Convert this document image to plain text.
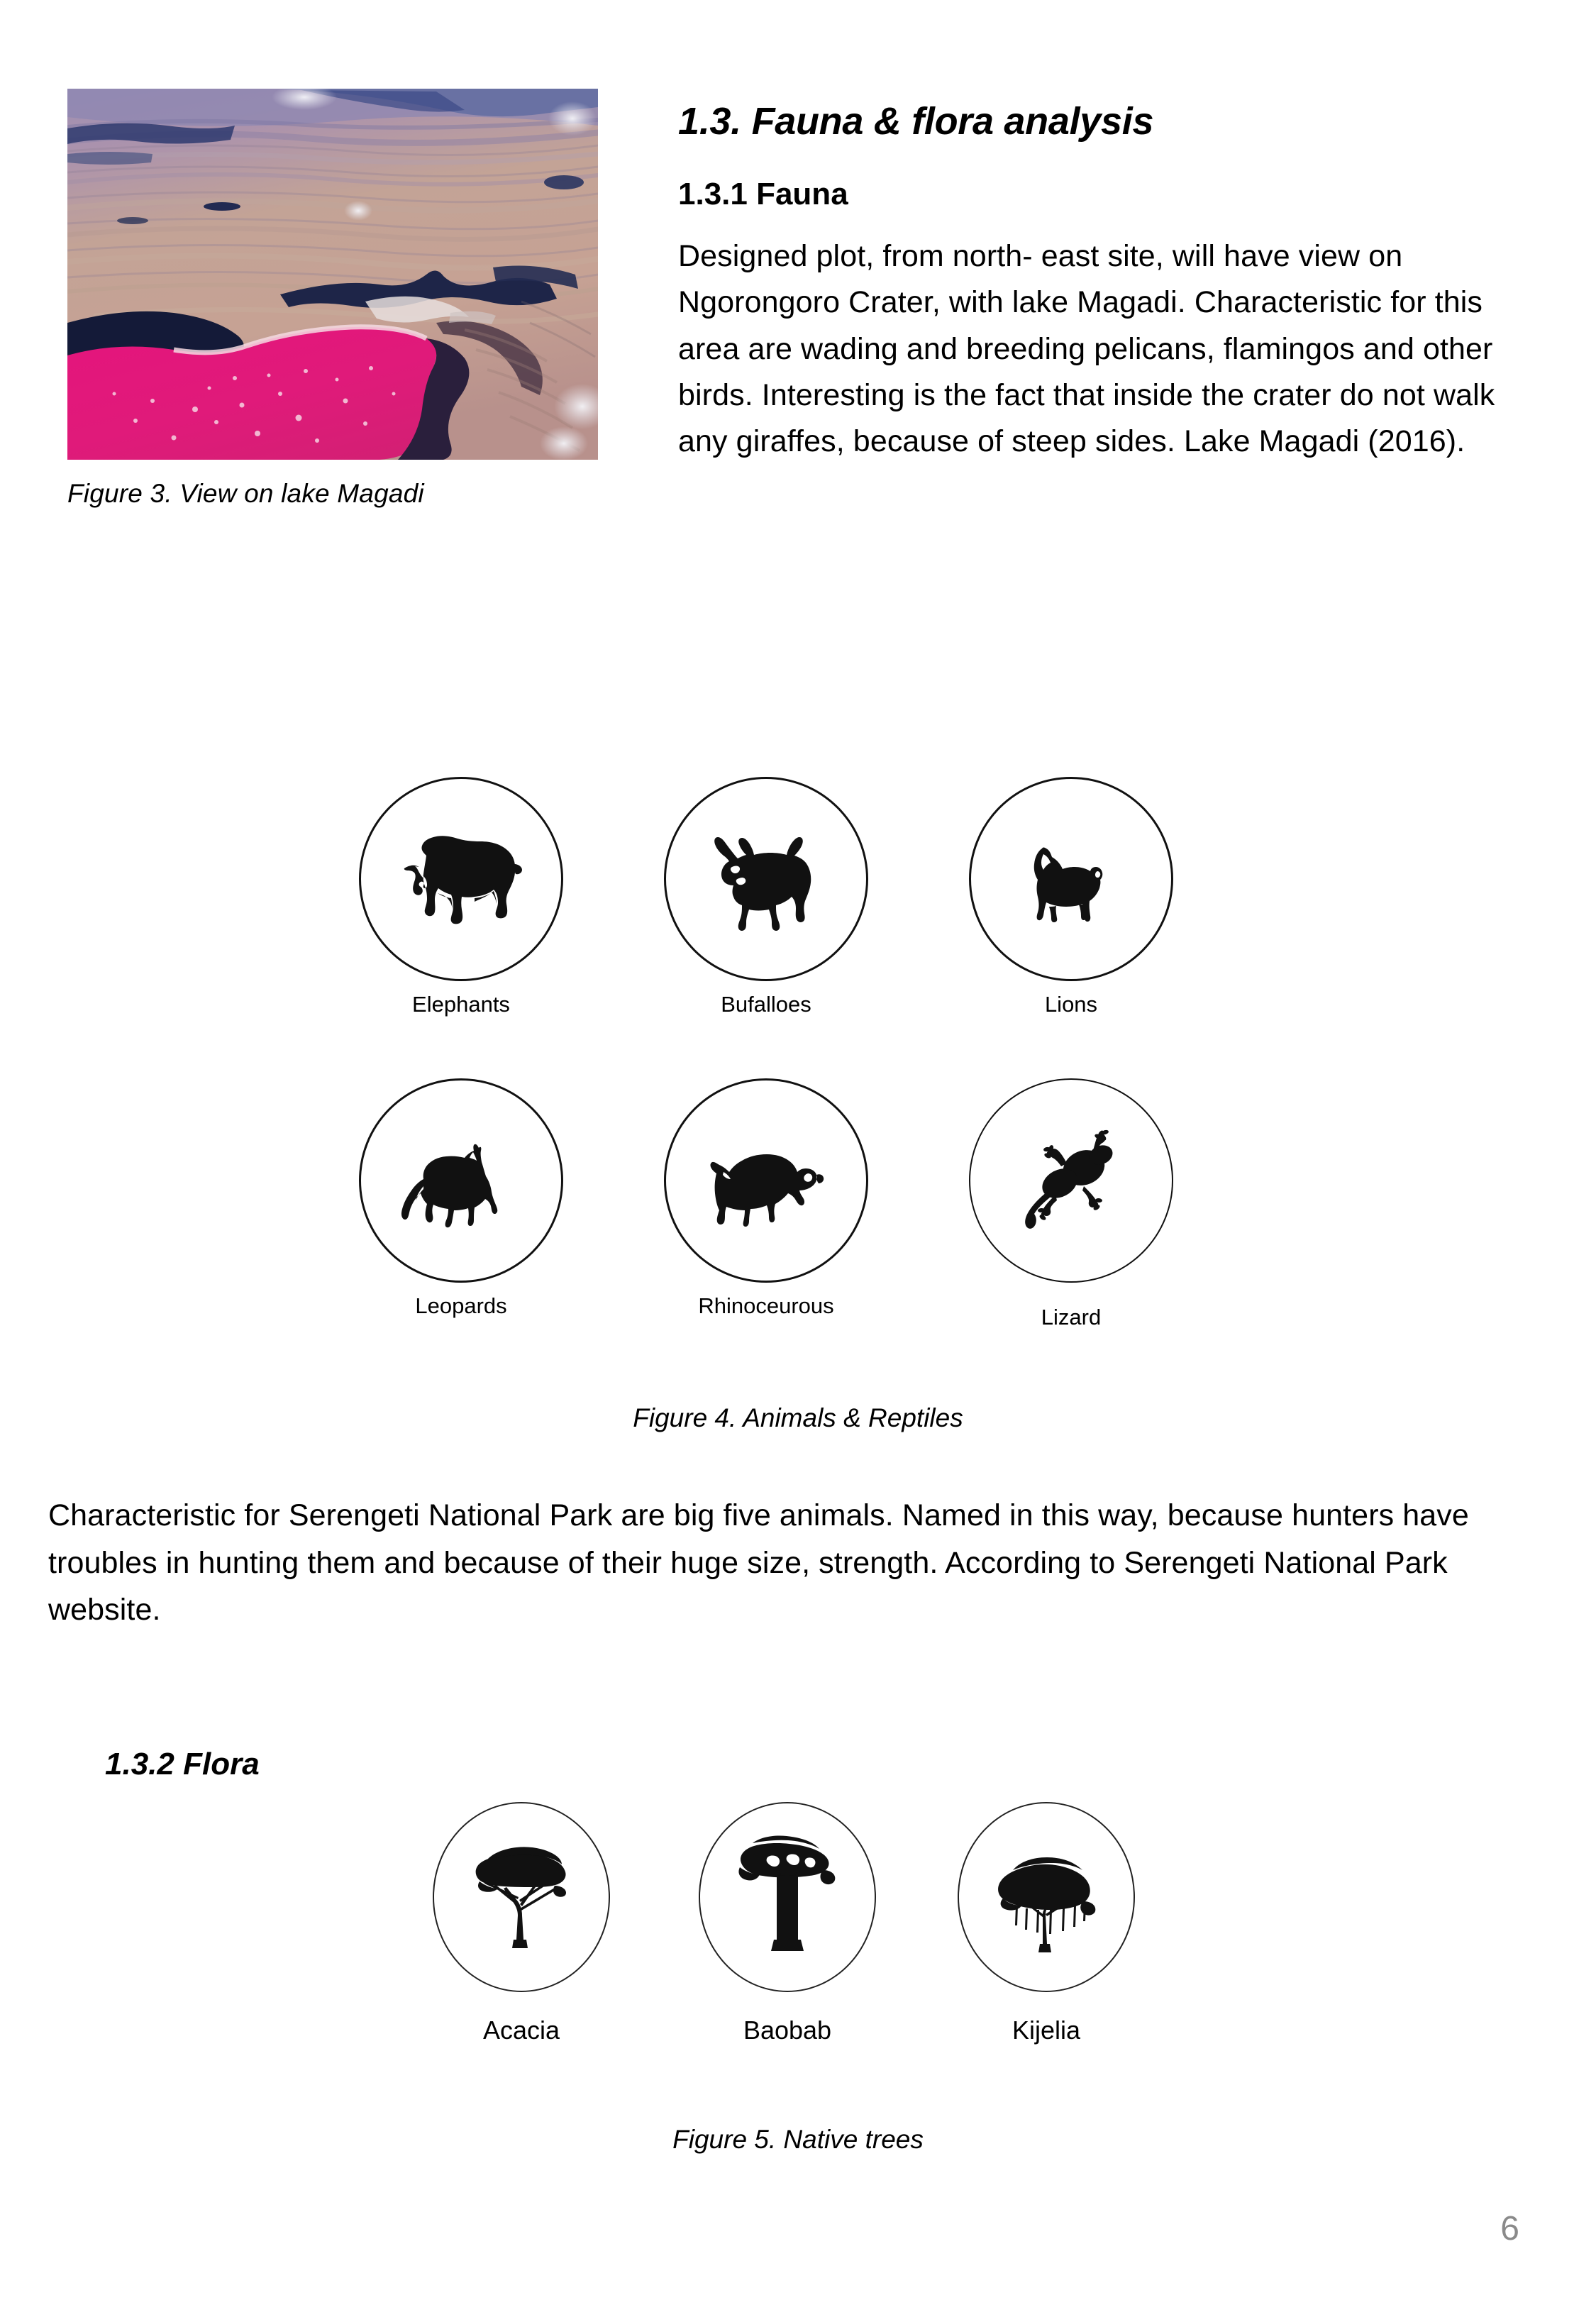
Figure 3. View on lake Magadi
1.3. Fauna & flora analysis
1.3.1 Fauna

Designed plot, from north- east site, will have view on Ngorongoro Crater, with lake Magadi. Characteristic for this area are wading and breeding pelicans, flamingos and other birds. Interesting is the fact that inside the crater do not walk any giraffes, because of steep sides. Lake Magadi (2016).

Elephants	Bufalloes	Lions
Leopards	Rhinoceurous	Lizard
Figure 4. Animals & Reptiles

Characteristic for Serengeti National Park are big five animals. Named in this way, because hunters have troubles in hunting them and because of their huge size, strength. According to Serengeti National Park website.

1.3.2 Flora
Acacia	Baobab	Kijelia
Figure 5. Native trees
6
